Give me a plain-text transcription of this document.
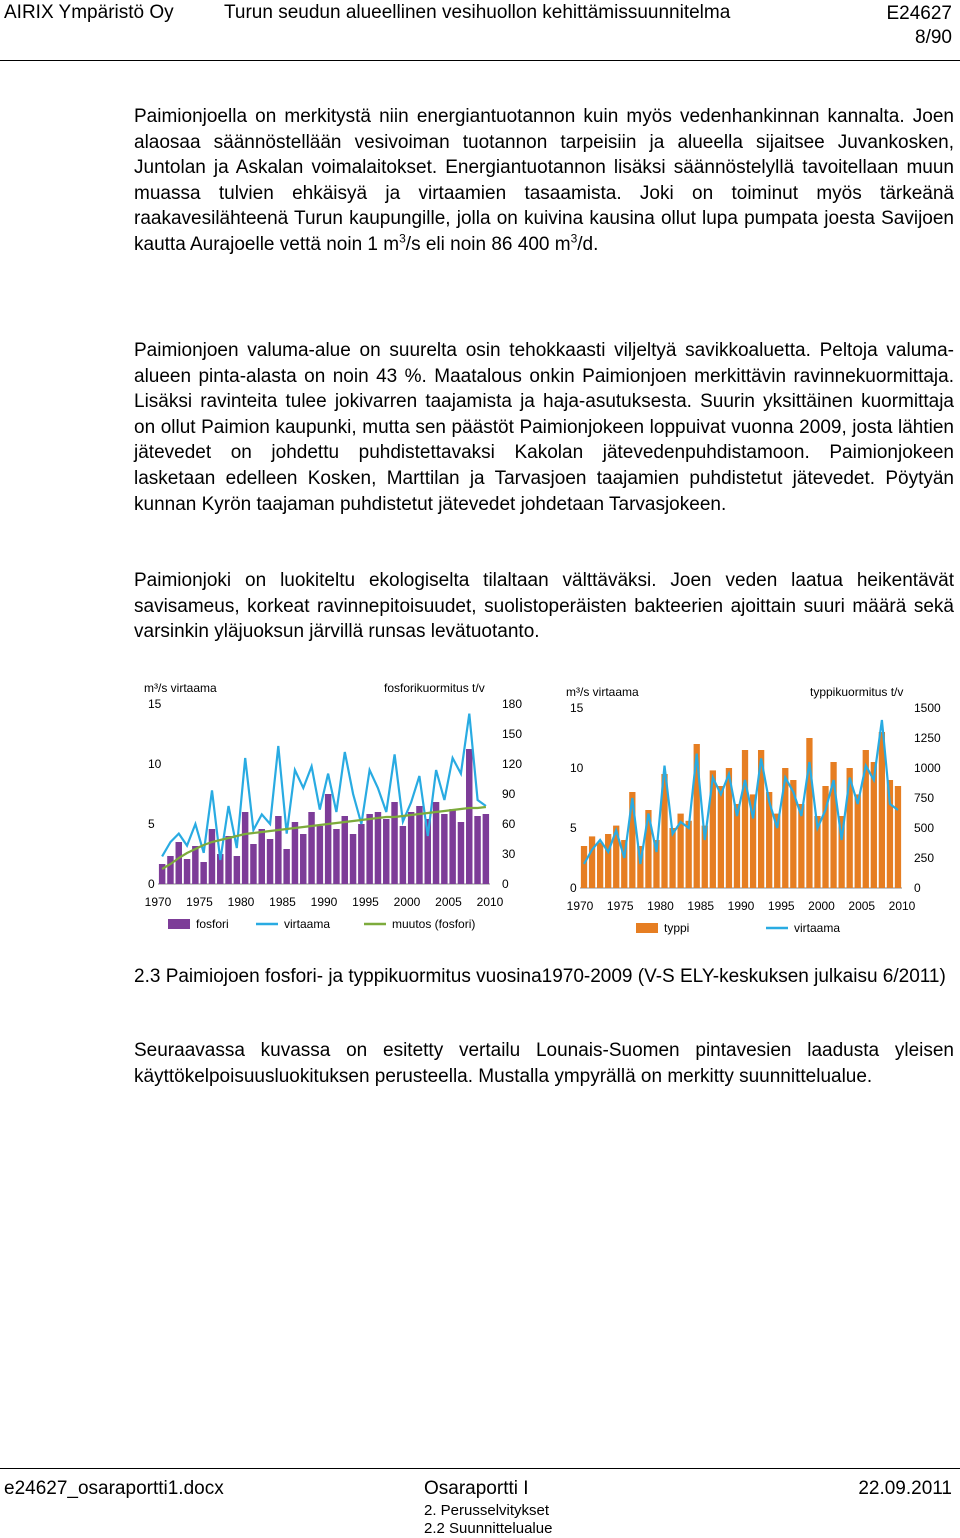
AIRIX Ympäristö Oy	Turun seudun alueellinen vesihuollon kehittämissuunnitelma	E24627
8/90

Paimionjoella on merkitystä niin energiantuotannon kuin myös vedenhankinnan kannalta. Joen alaosaa säännöstellään vesivoiman tuotannon tarpeisiin ja alueella sijaitsee Juvankosken, Juntolan ja Askalan voimalaitokset. Energiantuotannon lisäksi säännöstelyllä tavoitellaan muun muassa tulvien ehkäisyä ja virtaamien tasaamista. Joki on toiminut myös tärkeänä raakavesilähteenä Turun kaupungille, jolla on kuivina kausina ollut lupa pumpata joesta Savijoen kautta Aurajoelle vettä noin 1 $m^3/s$ eli noin 86 400 $m^3/d$.

Paimionjoen valuma-alue on suurelta osin tehokkaasti viljeltyä savikkoaluetta. Peltoja valuma-alueen pinta-alasta on noin 43 %. Maatalous onkin Paimionjoen merkittävin ravinnekuormittaja. Lisäksi ravinteita tulee jokivarren taajamista ja haja-asutuksesta. Suurin yksittäinen kuormittaja on ollut Paimion kaupunki, mutta sen päästöt Paimionjokeen loppuivat vuonna 2009, josta lähtien jätevedet on johdettu puhdistettavaksi Kakolan jätevedenpuhdistamoon. Paimionjokeen lasketaan edelleen Kosken, Marttilan ja Tarvasjoen taajamien puhdistetut jätevedet. Pöytyän kunnan Kyrön taajaman puhdistetut jätevedet johdetaan Tarvasjokeen.

Paimionjoki on luokiteltu ekologiselta tilaltaan välttäväksi. Joen veden laatua heikentävät savisameus, korkeat ravinnepitoisuudet, suolistoperäisten bakteerien ajoittain suuri määrä sekä varsinkin yläjuoksun järvillä runsas levätuotanto.

m³/s virtaama	fosforikuormitus t/v
0
5
10
15
0
30
60
90
120
150
180
1970 1975 1980 1985 1990 1995 2000 2005 2010
fosfori	virtaama	muutos (fosfori)
m³/s virtaama	typpikuormitus t/v
0
5
10
15
0
250
500
750
1000
1250
1500
1970 1975 1980 1985 1990 1995 2000 2005 2010
typpi	virtaama

2.3 Paimiojoen fosfori- ja typpikuormitus vuosina1970-2009 (V-S ELY-keskuksen julkaisu 6/2011)

Seuraavassa kuvassa on esitetty vertailu Lounais-Suomen pintavesien laadusta yleisen käyttökelpoisuusluokituksen perusteella. Mustalla ympyrällä on merkitty suunnittelualue.

e24627_osaraportti1.docx	Osaraportti I
2. Perusselvitykset
2.2 Suunnittelualue
22.09.2011
